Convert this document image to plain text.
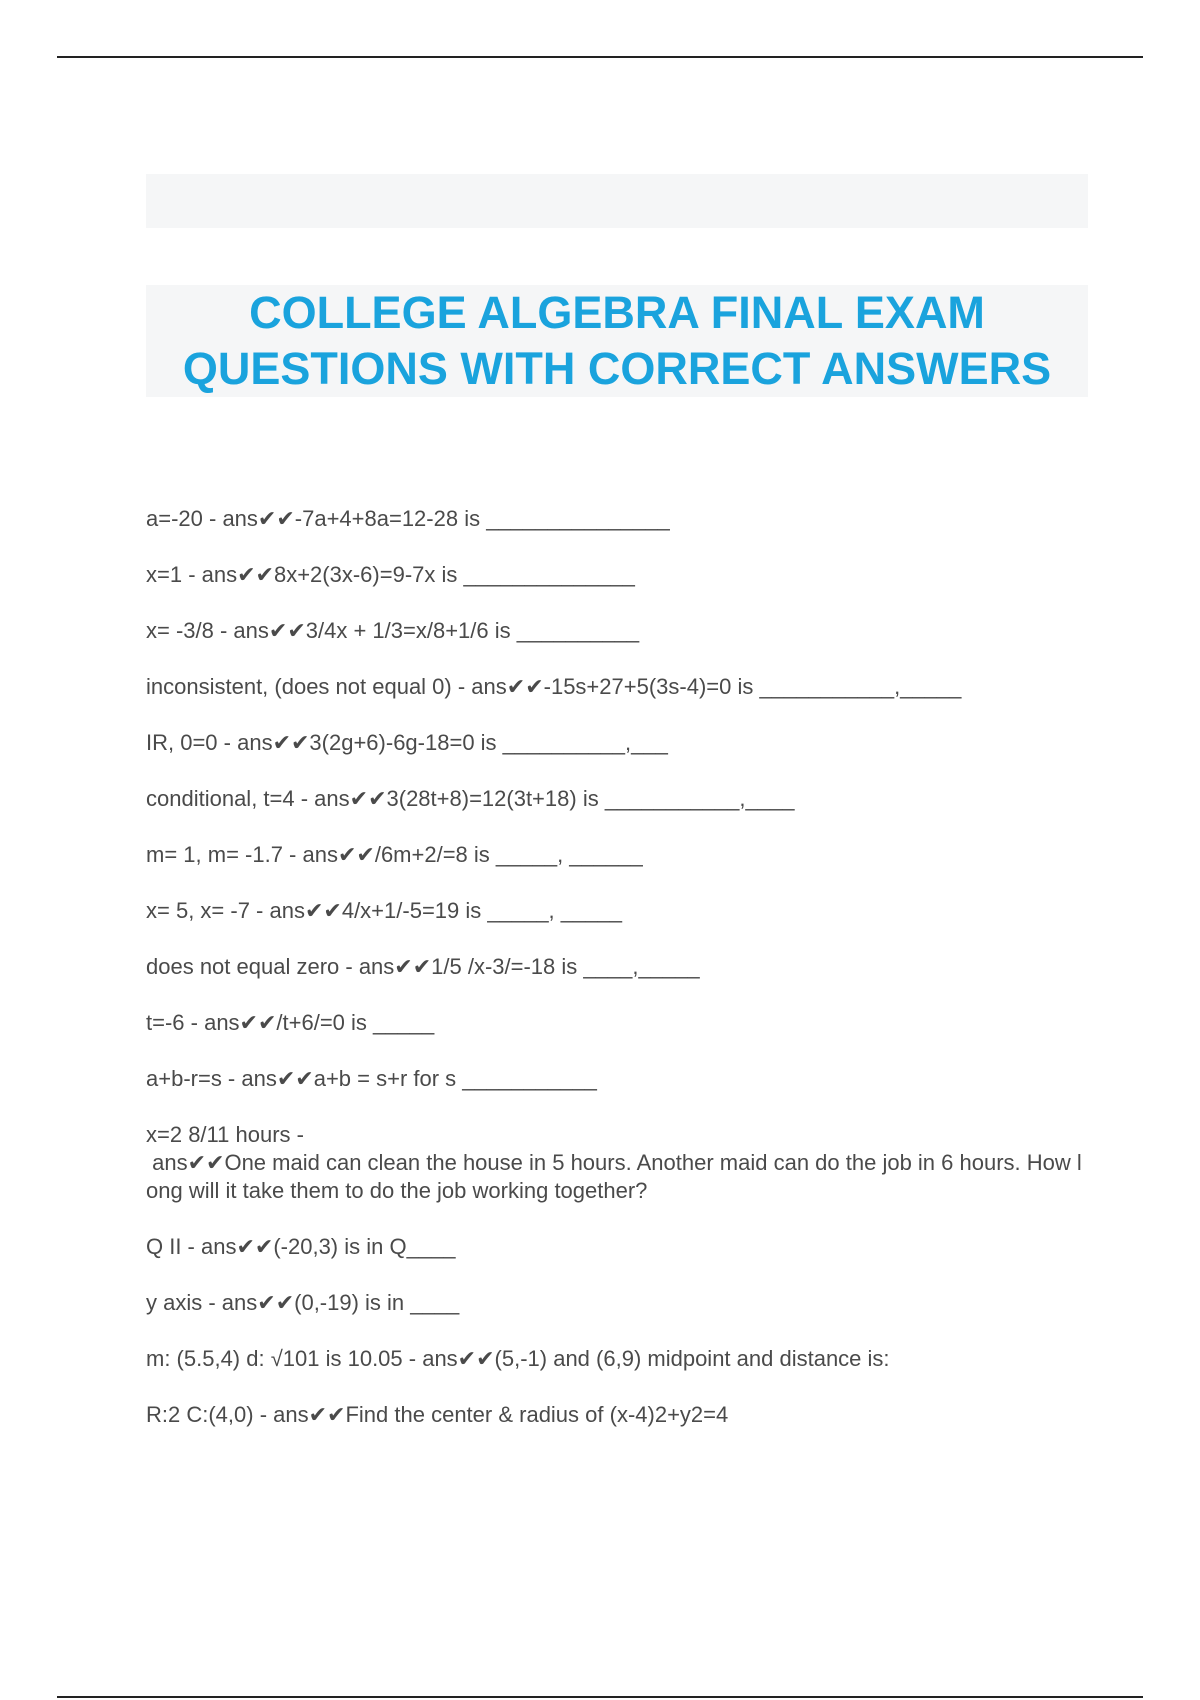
COLLEGE ALGEBRA FINAL EXAM
QUESTIONS WITH CORRECT ANSWERS
a=-20 - ans✔✔-7a+4+8a=12-28 is _______________
x=1 - ans✔✔8x+2(3x-6)=9-7x is ______________
x= -3/8 - ans✔✔3/4x + 1/3=x/8+1/6 is __________
inconsistent, (does not equal 0) - ans✔✔-15s+27+5(3s-4)=0 is ___________,_____
IR, 0=0 - ans✔✔3(2g+6)-6g-18=0 is __________,___
conditional, t=4 - ans✔✔3(28t+8)=12(3t+18) is ___________,____
m= 1, m= -1.7 - ans✔✔/6m+2/=8 is _____, ______
x= 5, x= -7 - ans✔✔4/x+1/-5=19 is _____, _____
does not equal zero - ans✔✔1/5 /x-3/=-18 is ____,_____
t=-6 - ans✔✔/t+6/=0 is _____
a+b-r=s - ans✔✔a+b = s+r for s ___________
x=2 8/11 hours -
ans✔✔One maid can clean the house in 5 hours. Another maid can do the job in 6 hours. How long will it take them to do the job working together?
Q II - ans✔✔(-20,3) is in Q____
y axis - ans✔✔(0,-19) is in ____
m: (5.5,4) d: √101 is 10.05 - ans✔✔(5,-1) and (6,9) midpoint and distance is:
R:2 C:(4,0) - ans✔✔Find the center & radius of (x-4)2+y2=4
